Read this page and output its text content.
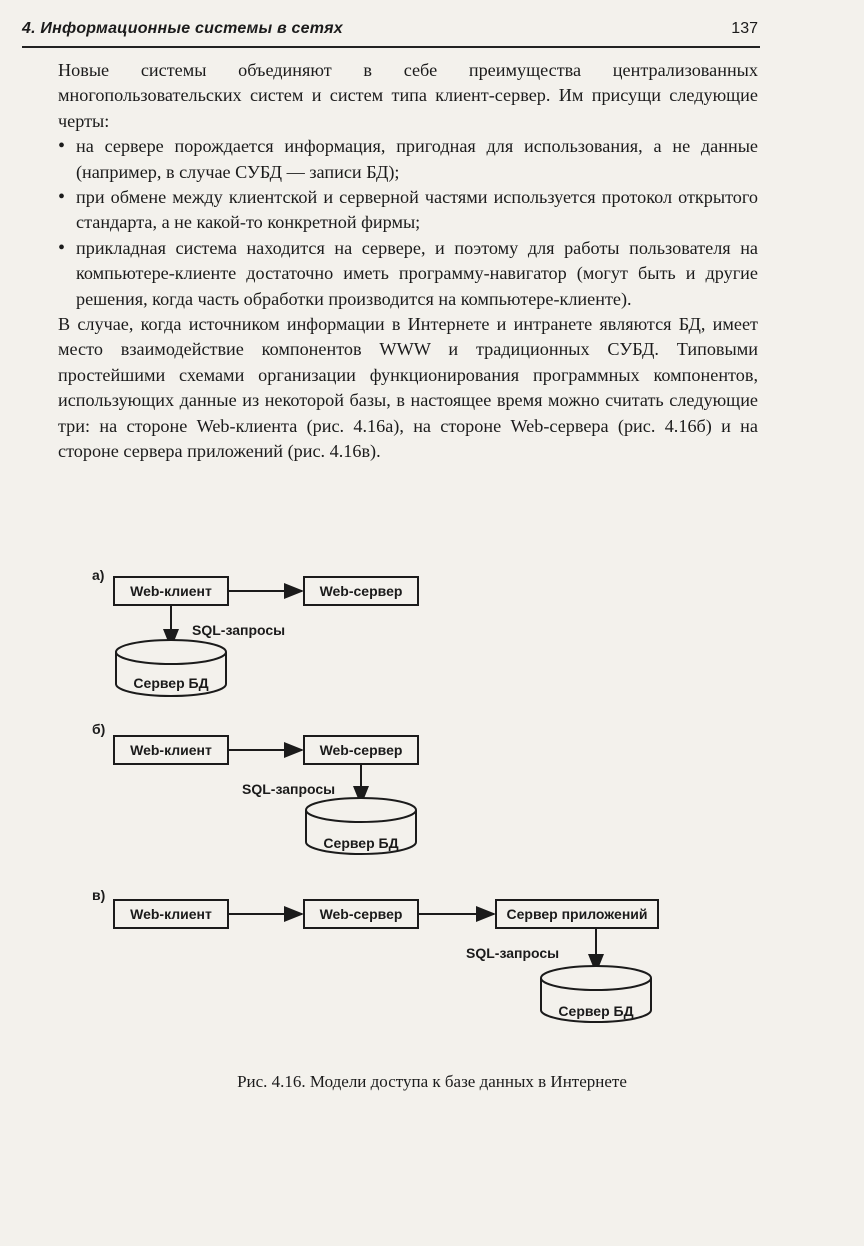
4. Информационные системы в сетях	137

Новые системы объединяют в себе преимущества централизованных многопользовательских систем и систем типа клиент-сервер. Им присущи следующие черты:

• на сервере порождается информация, пригодная для использования, а не данные (например, в случае СУБД — записи БД);
• при обмене между клиентской и серверной частями используется протокол открытого стандарта, а не какой-то конкретной фирмы;
• прикладная система находится на сервере, и поэтому для работы пользователя на компьютере-клиенте достаточно иметь программу-навигатор (могут быть и другие решения, когда часть обработки производится на компьютере-клиенте).

В случае, когда источником информации в Интернете и интранете являются БД, имеет место взаимодействие компонентов WWW и традиционных СУБД. Типовыми простейшими схемами организации функционирования программных компонентов, использующих данные из некоторой базы, в настоящее время можно считать следующие три: на стороне Web-клиента (рис. 4.16а), на стороне Web-сервера (рис. 4.16б) и на стороне сервера приложений (рис. 4.16в).

а)
Web-клиент	Web-сервер
SQL-запросы
Сервер БД
б)
Web-клиент	Web-сервер
SQL-запросы
Сервер БД
в)
Web-клиент	Web-сервер	Сервер приложений
SQL-запросы
Сервер БД
Рис. 4.16. Модели доступа к базе данных в Интернете
